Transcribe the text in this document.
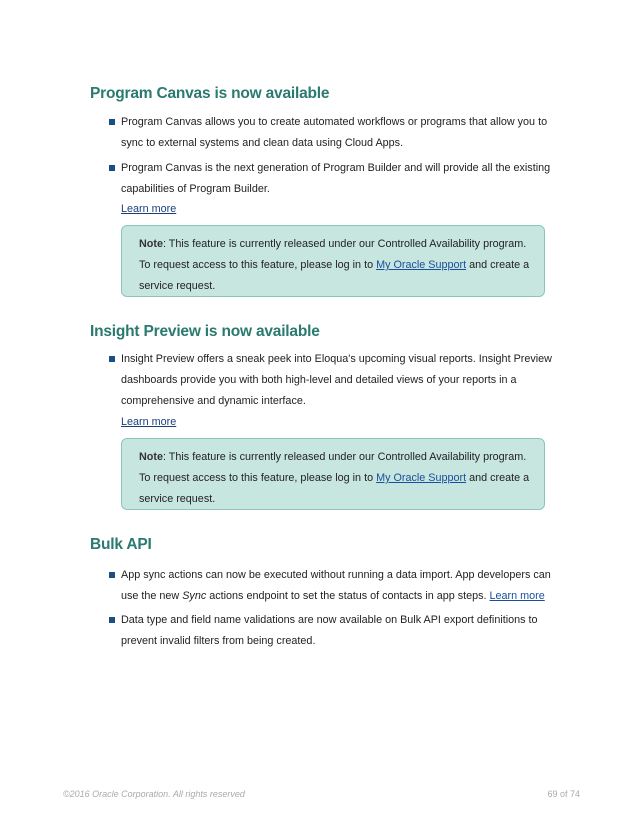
Program Canvas is now available
Program Canvas allows you to create automated workflows or programs that allow you to sync to external systems and clean data using Cloud Apps.
Program Canvas is the next generation of Program Builder and will provide all the existing capabilities of Program Builder.
Learn more
Note: This feature is currently released under our Controlled Availability program. To request access to this feature, please log in to My Oracle Support and create a service request.
Insight Preview is now available
Insight Preview offers a sneak peek into Eloqua's upcoming visual reports. Insight Preview dashboards provide you with both high-level and detailed views of your reports in a comprehensive and dynamic interface.
Learn more
Note: This feature is currently released under our Controlled Availability program. To request access to this feature, please log in to My Oracle Support and create a service request.
Bulk API
App sync actions can now be executed without running a data import. App developers can use the new Sync actions endpoint to set the status of contacts in app steps. Learn more
Data type and field name validations are now available on Bulk API export definitions to prevent invalid filters from being created.
©2016 Oracle Corporation. All rights reserved	69 of 74
